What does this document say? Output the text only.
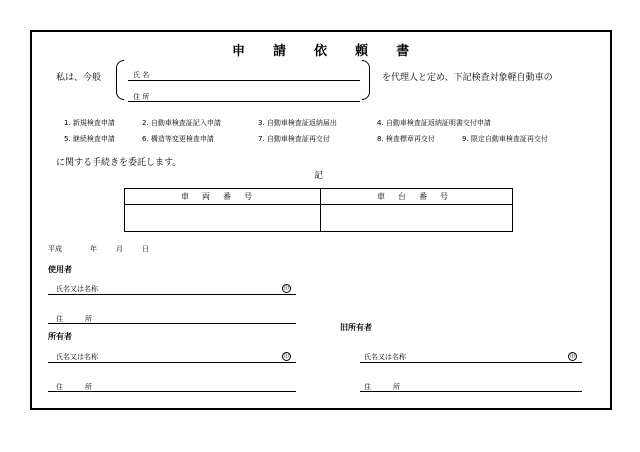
申 請 依 頼 書
私は、今般	氏 名
住 所
を代理人と定め、下記検査対象軽自動車の
1. 新規検査申請	2. 自動車検査証記入申請	3. 自動車検査証返納届出	4. 自動車検査証返納証明書交付申請
5. 継続検査申請	6. 構造等変更検査申請	7. 自動車検査証再交付	8. 検査標章再交付	9. 限定自動車検査証再交付
に関する手続きを委託します。
記
車 両 番 号	車 台 番 号
平成	年	月	日
使用者
氏名又は名称	印
住	所
所有者
氏名又は名称	印
住	所
旧所有者
氏名又は名称	印
住	所
